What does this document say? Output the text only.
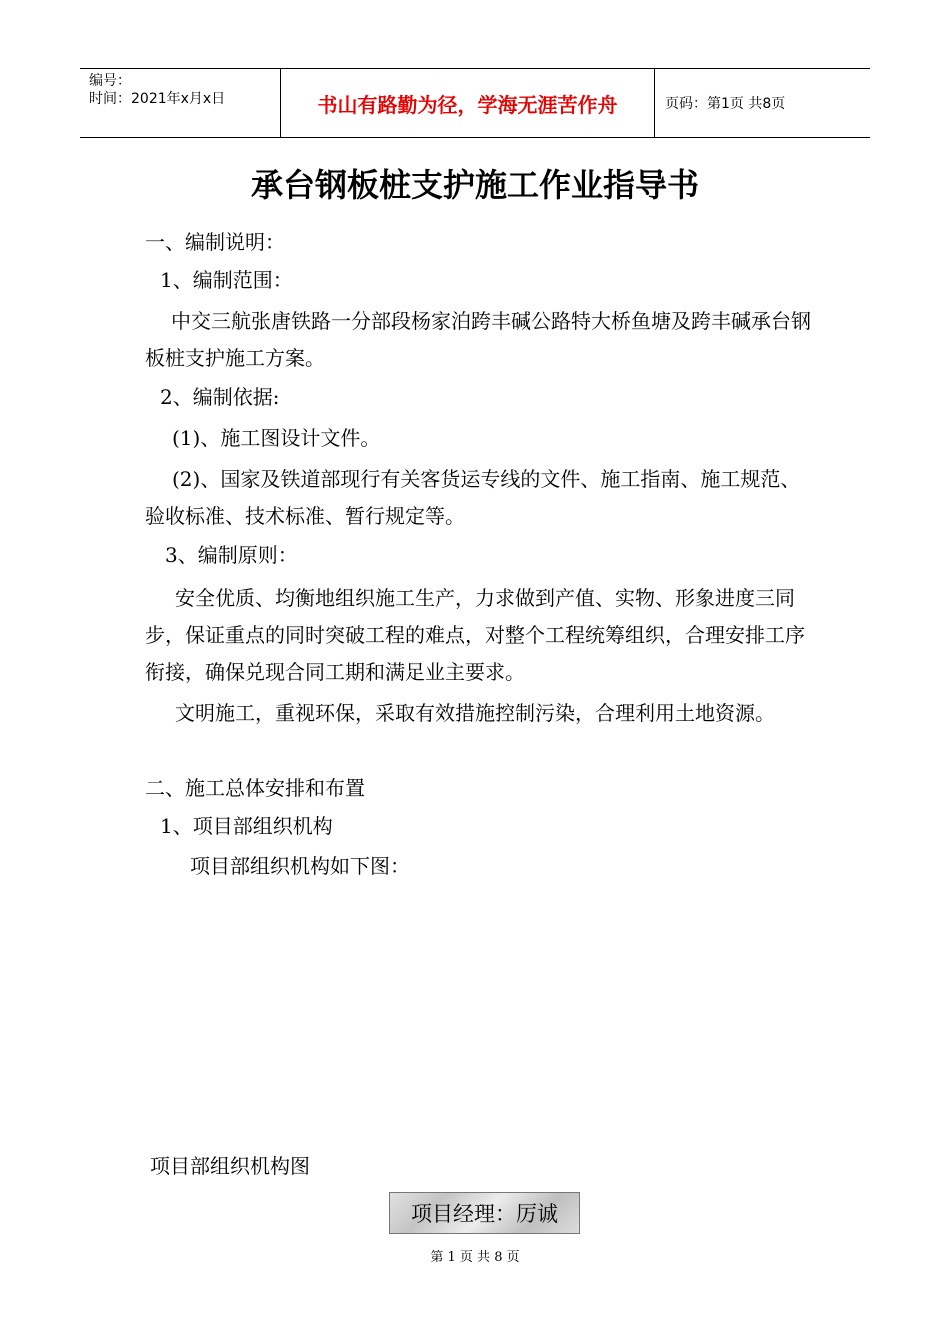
编号：
时间：2021年x月x日	书山有路勤为径，学海无涯苦作舟	页码：第1页 共8页
承台钢板桩支护施工作业指导书
一、编制说明：
1、编制范围：
中交三航张唐铁路一分部段杨家泊跨丰碱公路特大桥鱼塘及跨丰碱承台钢板桩支护施工方案。
2、编制依据:
(1)、施工图设计文件。
(2)、国家及铁道部现行有关客货运专线的文件、施工指南、施工规范、验收标准、技术标准、暂行规定等。
3、编制原则：
安全优质、均衡地组织施工生产，力求做到产值、实物、形象进度三同步，保证重点的同时突破工程的难点，对整个工程统筹组织，合理安排工序衔接，确保兑现合同工期和满足业主要求。
文明施工，重视环保，采取有效措施控制污染，合理利用土地资源。
二、施工总体安排和布置
1、项目部组织机构
项目部组织机构如下图：
项目部组织机构图
项目经理：厉诚
第 1 页 共 8 页
